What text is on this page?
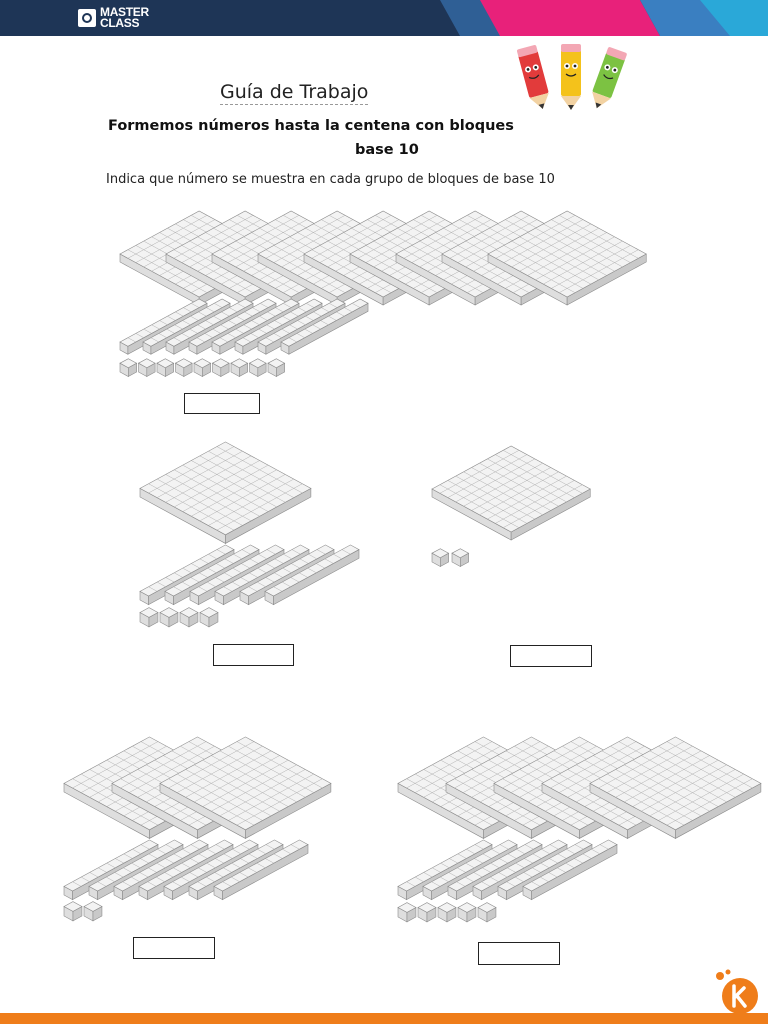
MASTER
CLASS
Guía de Trabajo

Formemos números hasta la centena con bloques

base 10

Indica que número se muestra en cada grupo de bloques de base 10
